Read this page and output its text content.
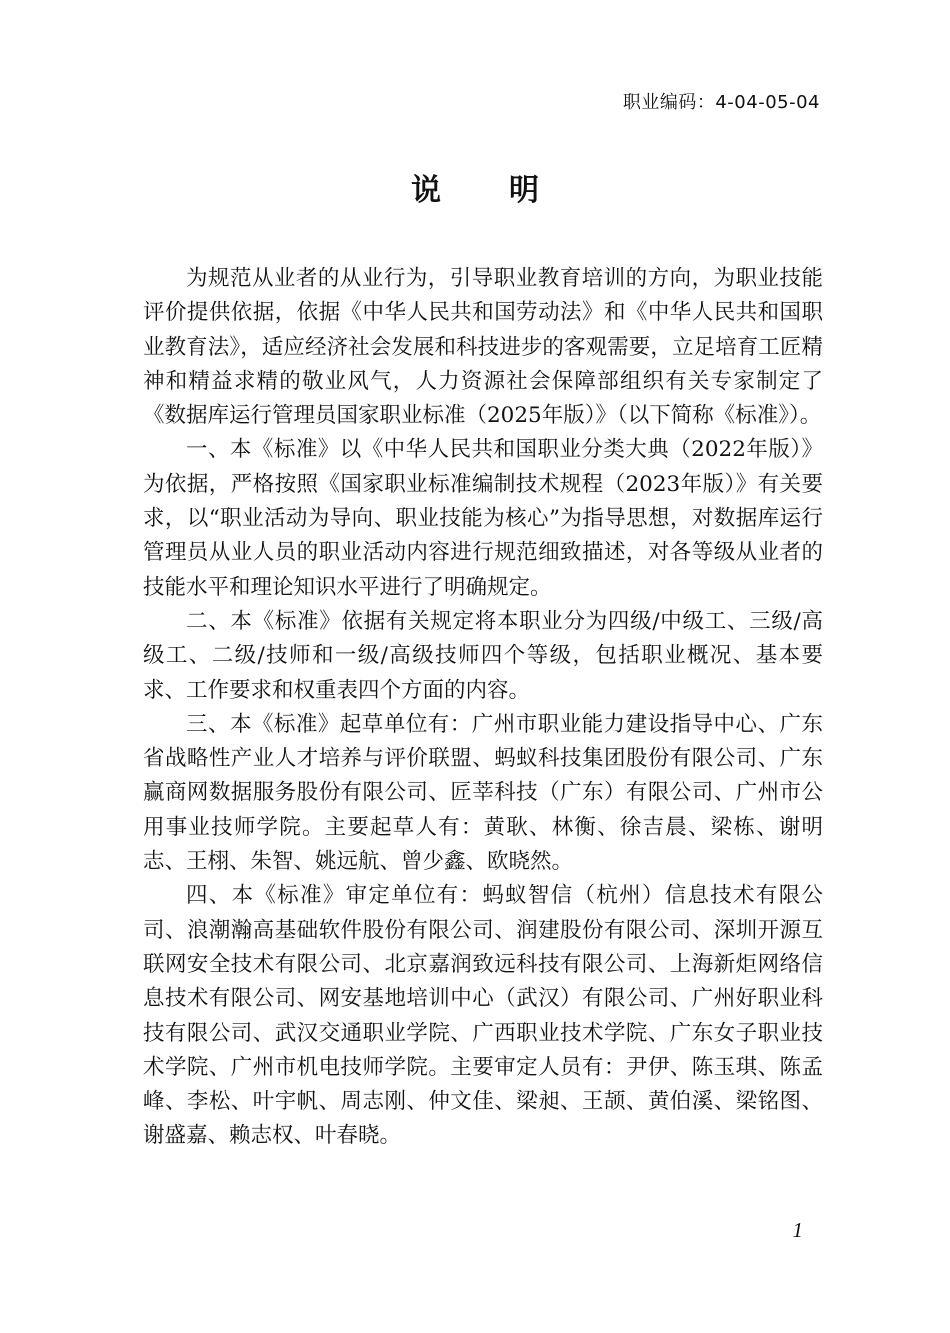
职业编码：4-04-05-04
说明

为规范从业者的从业行为，引导职业教育培训的方向，为职业技能评价提供依据，依据《中华人民共和国劳动法》和《中华人民共和国职业教育法》，适应经济社会发展和科技进步的客观需要，立足培育工匠精神和精益求精的敬业风气，人力资源社会保障部组织有关专家制定了《数据库运行管理员国家职业标准（2025年版）》（以下简称《标准》）。

一、本《标准》以《中华人民共和国职业分类大典（2022年版）》为依据，严格按照《国家职业标准编制技术规程（2023年版）》有关要求，以“职业活动为导向、职业技能为核心”为指导思想，对数据库运行管理员从业人员的职业活动内容进行规范细致描述，对各等级从业者的技能水平和理论知识水平进行了明确规定。

二、本《标准》依据有关规定将本职业分为四级/中级工、三级/高级工、二级/技师和一级/高级技师四个等级，包括职业概况、基本要求、工作要求和权重表四个方面的内容。

三、本《标准》起草单位有：广州市职业能力建设指导中心、广东省战略性产业人才培养与评价联盟、蚂蚁科技集团股份有限公司、广东赢商网数据服务股份有限公司、匠莘科技（广东）有限公司、广州市公用事业技师学院。主要起草人有：黄耿、林衡、徐吉晨、梁栋、谢明志、王栩、朱智、姚远航、曾少鑫、欧晓然。

四、本《标准》审定单位有：蚂蚁智信（杭州）信息技术有限公司、浪潮瀚高基础软件股份有限公司、润建股份有限公司、深圳开源互联网安全技术有限公司、北京嘉润致远科技有限公司、上海新炬网络信息技术有限公司、网安基地培训中心（武汉）有限公司、广州好职业科技有限公司、武汉交通职业学院、广西职业技术学院、广东女子职业技术学院、广州市机电技师学院。主要审定人员有：尹伊、陈玉琪、陈孟峰、李松、叶宇帆、周志刚、仲文佳、梁昶、王颉、黄伯溪、梁铭图、谢盛嘉、赖志权、叶春晓。

1
